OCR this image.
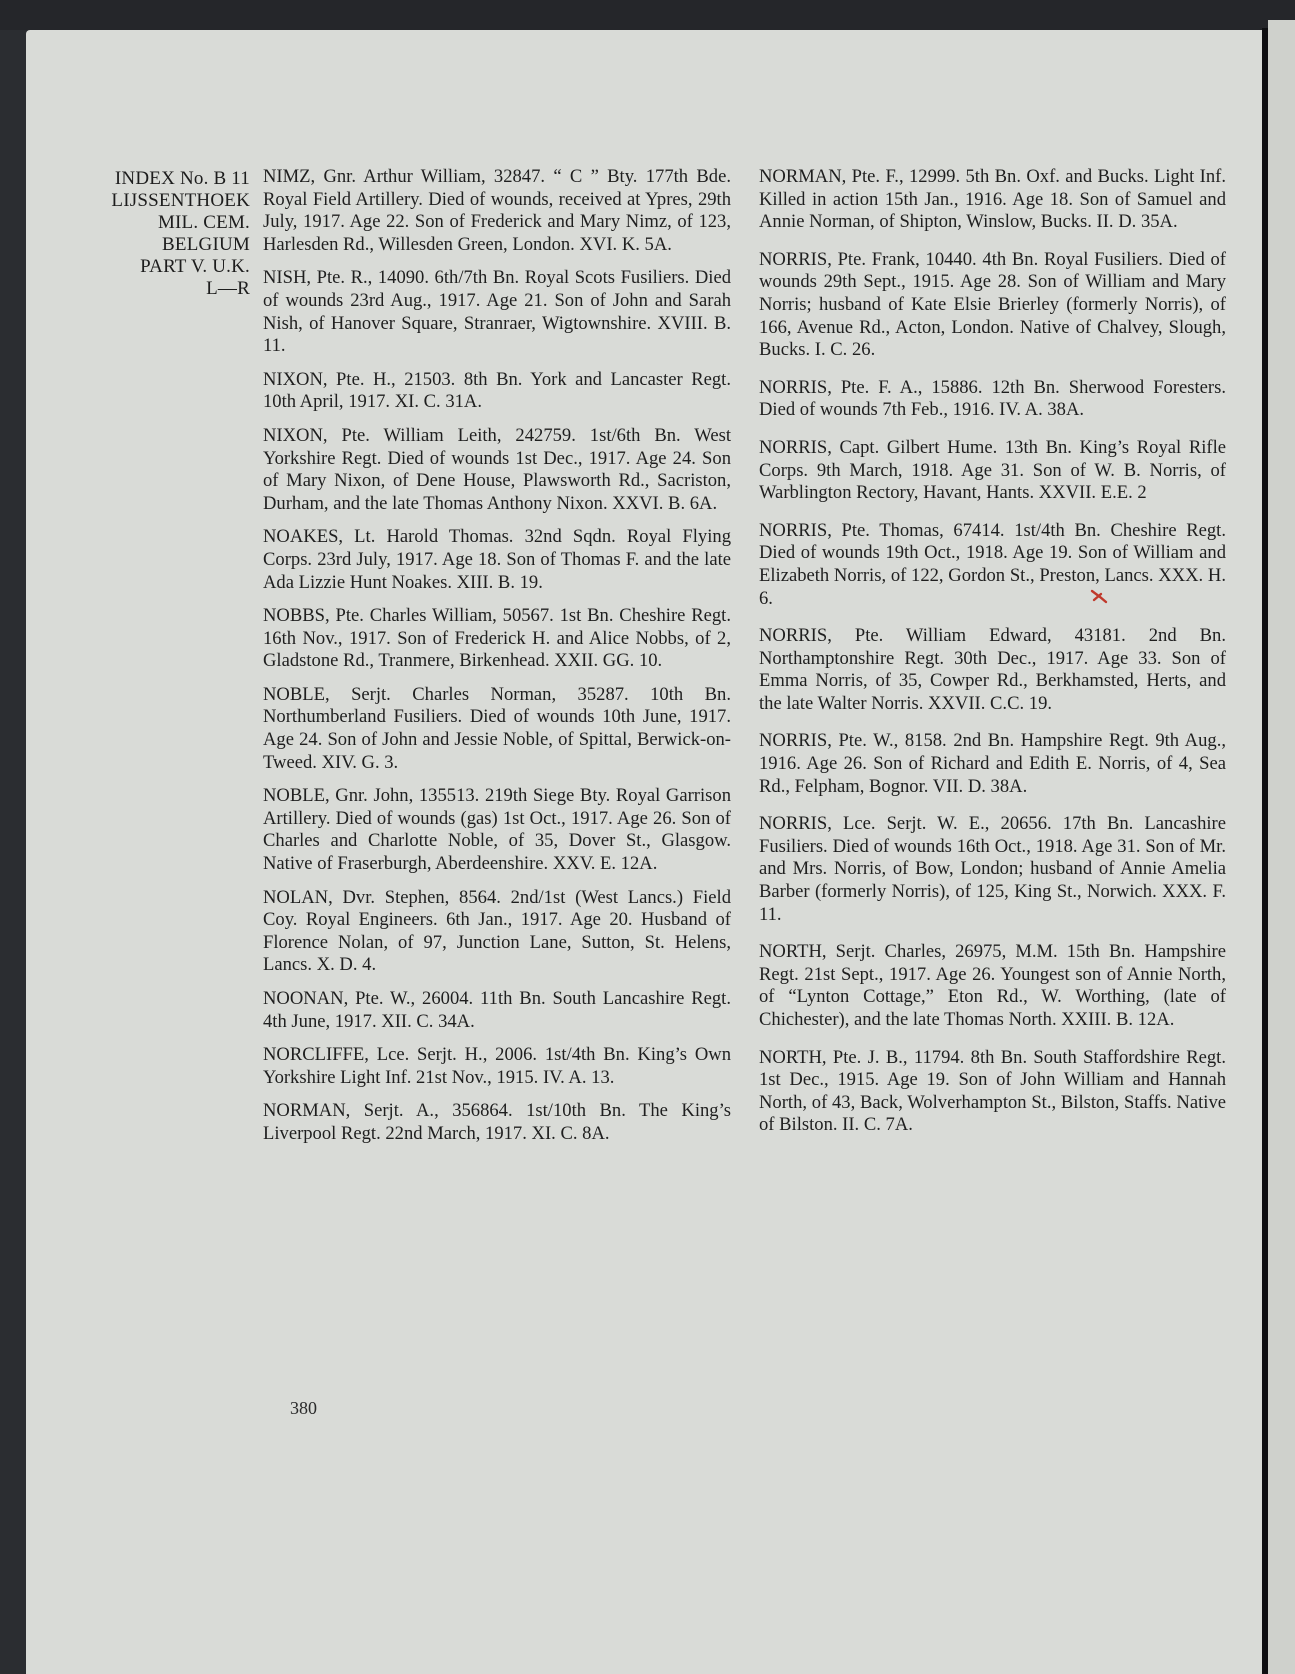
INDEX No. B 11
LIJSSENTHOEK
MIL. CEM.
BELGIUM
PART V. U.K.
L—R

NIMZ, Gnr. Arthur William, 32847. “ C ” Bty. 177th Bde. Royal Field Artillery. Died of wounds, received at Ypres, 29th July, 1917. Age 22. Son of Frederick and Mary Nimz, of 123, Harlesden Rd., Willesden Green, London. XVI. K. 5A.

NISH, Pte. R., 14090. 6th/7th Bn. Royal Scots Fusiliers. Died of wounds 23rd Aug., 1917. Age 21. Son of John and Sarah Nish, of Hanover Square, Stranraer, Wigtownshire. XVIII. B. 11.

NIXON, Pte. H., 21503. 8th Bn. York and Lancaster Regt. 10th April, 1917. XI. C. 31A.

NIXON, Pte. William Leith, 242759. 1st/6th Bn. West Yorkshire Regt. Died of wounds 1st Dec., 1917. Age 24. Son of Mary Nixon, of Dene House, Plawsworth Rd., Sacriston, Durham, and the late Thomas Anthony Nixon. XXVI. B. 6A.

NOAKES, Lt. Harold Thomas. 32nd Sqdn. Royal Flying Corps. 23rd July, 1917. Age 18. Son of Thomas F. and the late Ada Lizzie Hunt Noakes. XIII. B. 19.

NOBBS, Pte. Charles William, 50567. 1st Bn. Cheshire Regt. 16th Nov., 1917. Son of Frederick H. and Alice Nobbs, of 2, Gladstone Rd., Tranmere, Birkenhead. XXII. GG. 10.

NOBLE, Serjt. Charles Norman, 35287. 10th Bn. Northumberland Fusiliers. Died of wounds 10th June, 1917. Age 24. Son of John and Jessie Noble, of Spittal, Berwick-on-Tweed. XIV. G. 3.

NOBLE, Gnr. John, 135513. 219th Siege Bty. Royal Garrison Artillery. Died of wounds (gas) 1st Oct., 1917. Age 26. Son of Charles and Charlotte Noble, of 35, Dover St., Glasgow. Native of Fraserburgh, Aberdeenshire. XXV. E. 12A.

NOLAN, Dvr. Stephen, 8564. 2nd/1st (West Lancs.) Field Coy. Royal Engineers. 6th Jan., 1917. Age 20. Husband of Florence Nolan, of 97, Junction Lane, Sutton, St. Helens, Lancs. X. D. 4.

NOONAN, Pte. W., 26004. 11th Bn. South Lancashire Regt. 4th June, 1917. XII. C. 34A.

NORCLIFFE, Lce. Serjt. H., 2006. 1st/4th Bn. King’s Own Yorkshire Light Inf. 21st Nov., 1915. IV. A. 13.

NORMAN, Serjt. A., 356864. 1st/10th Bn. The King’s Liverpool Regt. 22nd March, 1917. XI. C. 8A.

NORMAN, Pte. F., 12999. 5th Bn. Oxf. and Bucks. Light Inf. Killed in action 15th Jan., 1916. Age 18. Son of Samuel and Annie Norman, of Shipton, Winslow, Bucks. II. D. 35A.

NORRIS, Pte. Frank, 10440. 4th Bn. Royal Fusiliers. Died of wounds 29th Sept., 1915. Age 28. Son of William and Mary Norris; husband of Kate Elsie Brierley (formerly Norris), of 166, Avenue Rd., Acton, London. Native of Chalvey, Slough, Bucks. I. C. 26.

NORRIS, Pte. F. A., 15886. 12th Bn. Sherwood Foresters. Died of wounds 7th Feb., 1916. IV. A. 38A.

NORRIS, Capt. Gilbert Hume. 13th Bn. King’s Royal Rifle Corps. 9th March, 1918. Age 31. Son of W. B. Norris, of Warblington Rectory, Havant, Hants. XXVII. E.E. 2

NORRIS, Pte. Thomas, 67414. 1st/4th Bn. Cheshire Regt. Died of wounds 19th Oct., 1918. Age 19. Son of William and Elizabeth Norris, of 122, Gordon St., Preston, Lancs. XXX. H. 6.

NORRIS, Pte. William Edward, 43181. 2nd Bn. Northamptonshire Regt. 30th Dec., 1917. Age 33. Son of Emma Norris, of 35, Cowper Rd., Berkhamsted, Herts, and the late Walter Norris. XXVII. C.C. 19.

NORRIS, Pte. W., 8158. 2nd Bn. Hampshire Regt. 9th Aug., 1916. Age 26. Son of Richard and Edith E. Norris, of 4, Sea Rd., Felpham, Bognor. VII. D. 38A.

NORRIS, Lce. Serjt. W. E., 20656. 17th Bn. Lancashire Fusiliers. Died of wounds 16th Oct., 1918. Age 31. Son of Mr. and Mrs. Norris, of Bow, London; husband of Annie Amelia Barber (formerly Norris), of 125, King St., Norwich. XXX. F. 11.

NORTH, Serjt. Charles, 26975, M.M. 15th Bn. Hampshire Regt. 21st Sept., 1917. Age 26. Youngest son of Annie North, of “Lynton Cottage,” Eton Rd., W. Worthing, (late of Chichester), and the late Thomas North. XXIII. B. 12A.

NORTH, Pte. J. B., 11794. 8th Bn. South Staffordshire Regt. 1st Dec., 1915. Age 19. Son of John William and Hannah North, of 43, Back, Wolverhampton St., Bilston, Staffs. Native of Bilston. II. C. 7A.

380
